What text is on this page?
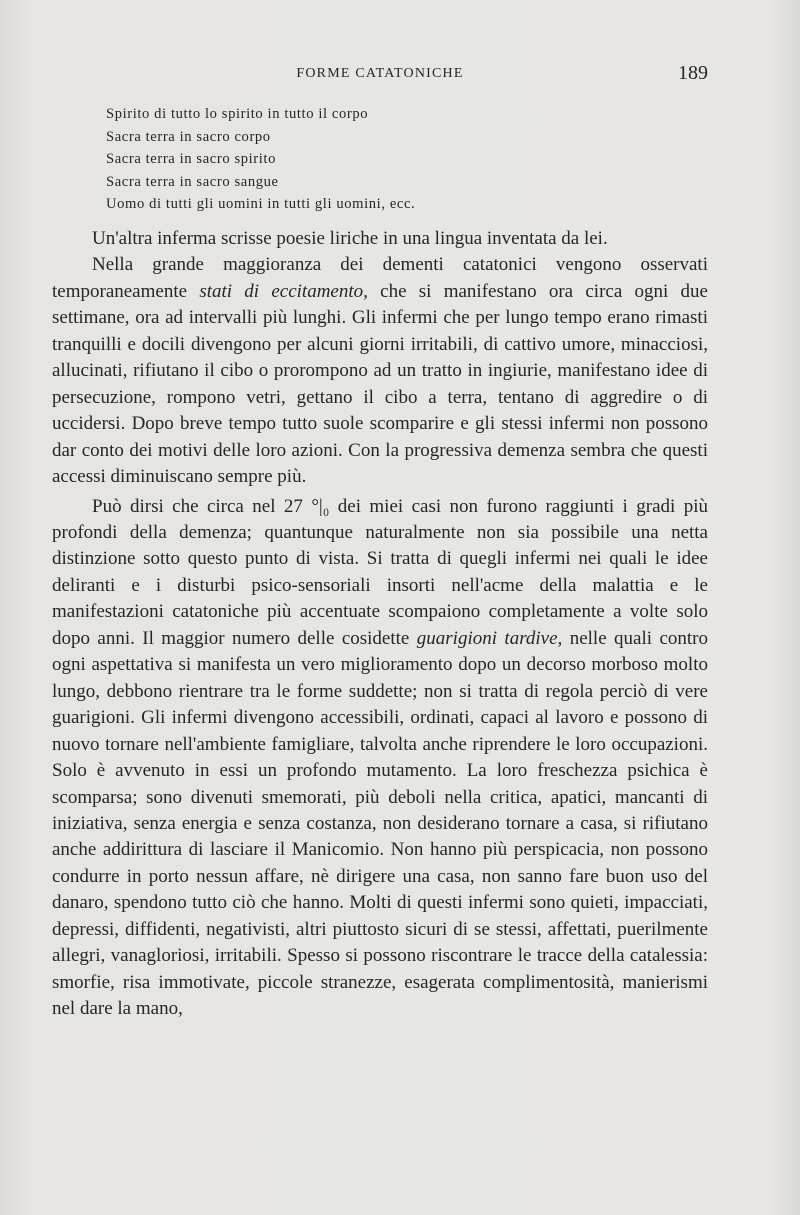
FORME CATATONICHE	189
Spirito di tutto lo spirito in tutto il corpo
Sacra terra in sacro corpo
Sacra terra in sacro spirito
Sacra terra in sacro sangue
Uomo di tutti gli uomini in tutti gli uomini, ecc.

Un'altra inferma scrisse poesie liriche in una lingua inventata da lei.

Nella grande maggioranza dei dementi catatonici vengono osservati temporaneamente stati di eccitamento, che si manifestano ora circa ogni due settimane, ora ad intervalli più lunghi. Gli infermi che per lungo tempo erano rimasti tranquilli e docili divengono per alcuni giorni irritabili, di cattivo umore, minacciosi, allucinati, rifiutano il cibo o prorompono ad un tratto in ingiurie, manifestano idee di persecuzione, rompono vetri, gettano il cibo a terra, tentano di aggredire o di uccidersi. Dopo breve tempo tutto suole scomparire e gli stessi infermi non possono dar conto dei motivi delle loro azioni. Con la progressiva demenza sembra che questi accessi diminuiscano sempre più.

Può dirsi che circa nel 27 °|₀ dei miei casi non furono raggiunti i gradi più profondi della demenza; quantunque naturalmente non sia possibile una netta distinzione sotto questo punto di vista. Si tratta di quegli infermi nei quali le idee deliranti e i disturbi psico-sensoriali insorti nell'acme della malattia e le manifestazioni catatoniche più accentuate scompaiono completamente a volte solo dopo anni. Il maggior numero delle cosidette guarigioni tardive, nelle quali contro ogni aspettativa si manifesta un vero miglioramento dopo un decorso morboso molto lungo, debbono rientrare tra le forme suddette; non si tratta di regola perciò di vere guarigioni. Gli infermi divengono accessibili, ordinati, capaci al lavoro e possono di nuovo tornare nell'ambiente famigliare, talvolta anche riprendere le loro occupazioni. Solo è avvenuto in essi un profondo mutamento. La loro freschezza psichica è scomparsa; sono divenuti smemorati, più deboli nella critica, apatici, mancanti di iniziativa, senza energia e senza costanza, non desiderano tornare a casa, si rifiutano anche addirittura di lasciare il Manicomio. Non hanno più perspicacia, non possono condurre in porto nessun affare, nè dirigere una casa, non sanno fare buon uso del danaro, spendono tutto ciò che hanno. Molti di questi infermi sono quieti, impacciati, depressi, diffidenti, negativisti, altri piuttosto sicuri di se stessi, affettati, puerilmente allegri, vanagloriosi, irritabili. Spesso si possono riscontrare le tracce della catalessia: smorfie, risa immotivate, piccole stranezze, esagerata complimentosità, manierismi nel dare la mano,
